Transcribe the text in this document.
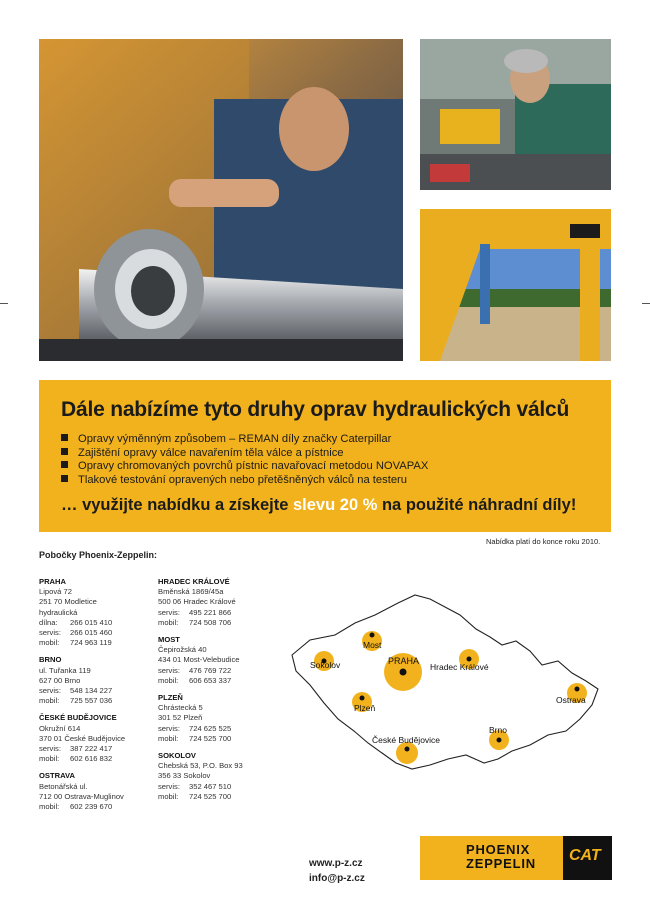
Dále nabízíme tyto druhy oprav hydraulických válců
Opravy výměnným způsobem – REMAN díly značky Caterpillar
Zajištění opravy válce navařením těla válce a pístnice
Opravy chromovaných povrchů pístnic navařovací metodou NOVAPAX
Tlakové testování opravených nebo přetěšněných válců na testeru
… využijte nabídku a získejte slevu 20 % na použité náhradní díly!
Nabídka platí do konce roku 2010.
Pobočky Phoenix-Zeppelin:
PRAHA
Lipová 72
251 70 Modletice
hydraulická
dílna: 266 015 410
servis: 266 015 460
mobil: 724 963 119
BRNO
ul. Tuřanka 119
627 00 Brno
servis: 548 134 227
mobil: 725 557 036
ČESKÉ BUDĚJOVICE
Okružní 614
370 01 České Budějovice
servis: 387 222 417
mobil: 602 616 832
OSTRAVA
Betonářská ul.
712 00 Ostrava-Muglinov
mobil: 602 239 670
HRADEC KRÁLOVÉ
Bměnská 1869/45a
500 06 Hradec Králové
servis: 495 221 866
mobil: 724 508 706
MOST
Čepirožská 40
434 01 Most-Velebudice
servis: 476 769 722
mobil: 606 653 337
PLZEŇ
Chrástecká 5
301 52 Plzeň
servis: 724 625 525
mobil: 724 525 700
SOKOLOV
Chebská 53, P.O. Box 93
356 33 Sokolov
servis: 352 467 510
mobil: 724 525 700
Sokolov
Most
PRAHA
Hradec Králové
Plzeň
Ostrava
České Budějovice
Brno
www.p-z.cz
info@p-z.cz
PHOENIX
ZEPPELIN CAT
